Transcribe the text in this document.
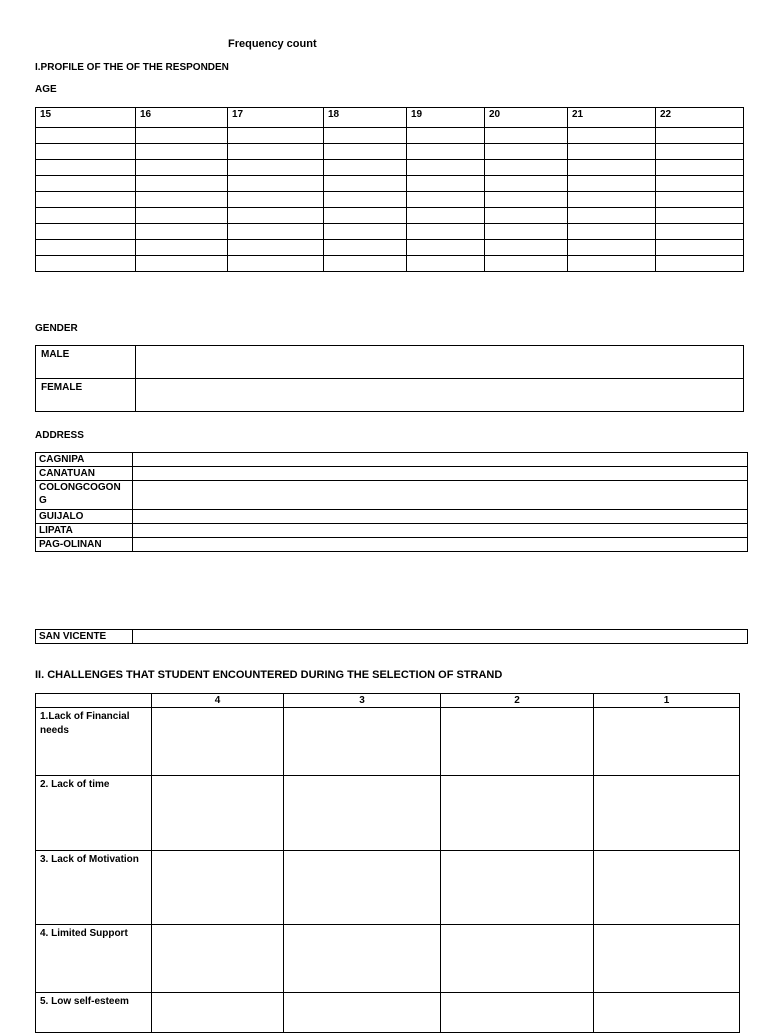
Frequency count
I.PROFILE OF THE OF THE RESPONDEN
AGE
15	16	17	18	19	20	21	22

GENDER
MALE	
FEMALE	
ADDRESS
CAGNIPA	
CANATUAN	
COLONGCOGON G	
GUIJALO	
LIPATA	
PAG-OLINAN	
SAN VICENTE	
II. CHALLENGES THAT STUDENT ENCOUNTERED DURING THE SELECTION OF STRAND
	4	3	2	1
1.Lack of Financial needs				
2. Lack of time				
3. Lack of Motivation				
4. Limited Support				
5. Low self-esteem				
